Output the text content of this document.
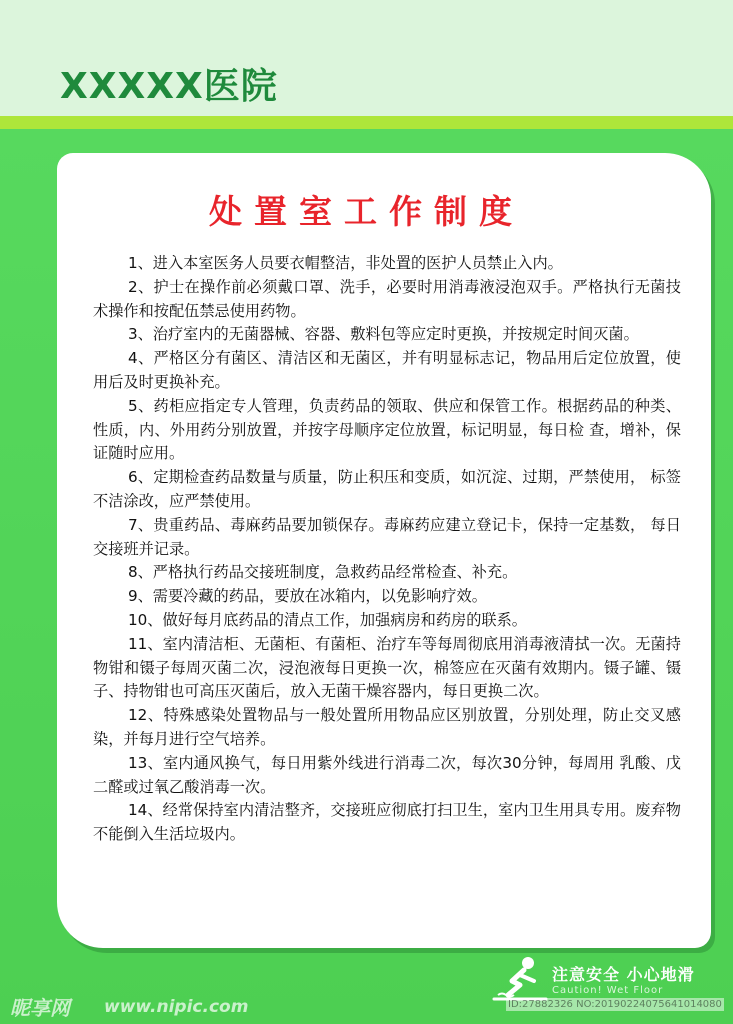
XXXXX医院
处置室工作制度
1、进入本室医务人员要衣帽整洁，非处置的医护人员禁止入内。
2、护士在操作前必须戴口罩、洗手，必要时用消毒液浸泡双手。严格执行无菌技术操作和按配伍禁忌使用药物。
3、治疗室内的无菌器械、容器、敷料包等应定时更换，并按规定时间灭菌。
4、严格区分有菌区、清洁区和无菌区，并有明显标志记，物品用后定位放置，使用后及时更换补充。
5、药柜应指定专人管理，负责药品的领取、供应和保管工作。根据药品的种类、性质，内、外用药分别放置，并按字母顺序定位放置，标记明显，每日检 查，增补，保证随时应用。
6、定期检查药品数量与质量，防止积压和变质，如沉淀、过期，严禁使用， 标签不洁涂改，应严禁使用。
7、贵重药品、毒麻药品要加锁保存。毒麻药应建立登记卡，保持一定基数， 每日交接班并记录。
8、严格执行药品交接班制度，急救药品经常检查、补充。
9、需要冷藏的药品，要放在冰箱内，以免影响疗效。
10、做好每月底药品的清点工作，加强病房和药房的联系。
11、室内清洁柜、无菌柜、有菌柜、治疗车等每周彻底用消毒液清拭一次。无菌持物钳和镊子每周灭菌二次，浸泡液每日更换一次，棉签应在灭菌有效期内。镊子罐、镊子、持物钳也可高压灭菌后，放入无菌干燥容器内，每日更换二次。
12、特殊感染处置物品与一般处置所用物品应区别放置，分别处理，防止交叉感染，并每月进行空气培养。
13、室内通风换气，每日用紫外线进行消毒二次，每次30分钟，每周用 乳酸、戊二醛或过氧乙酸消毒一次。
14、经常保持室内清洁整齐，交接班应彻底打扫卫生，室内卫生用具专用。废弃物不能倒入生活垃圾内。
注意安全 小心地滑
Caution! Wet Floor
昵享网 www.nipic.com	ID:27882326 NO:20190224075641014080
